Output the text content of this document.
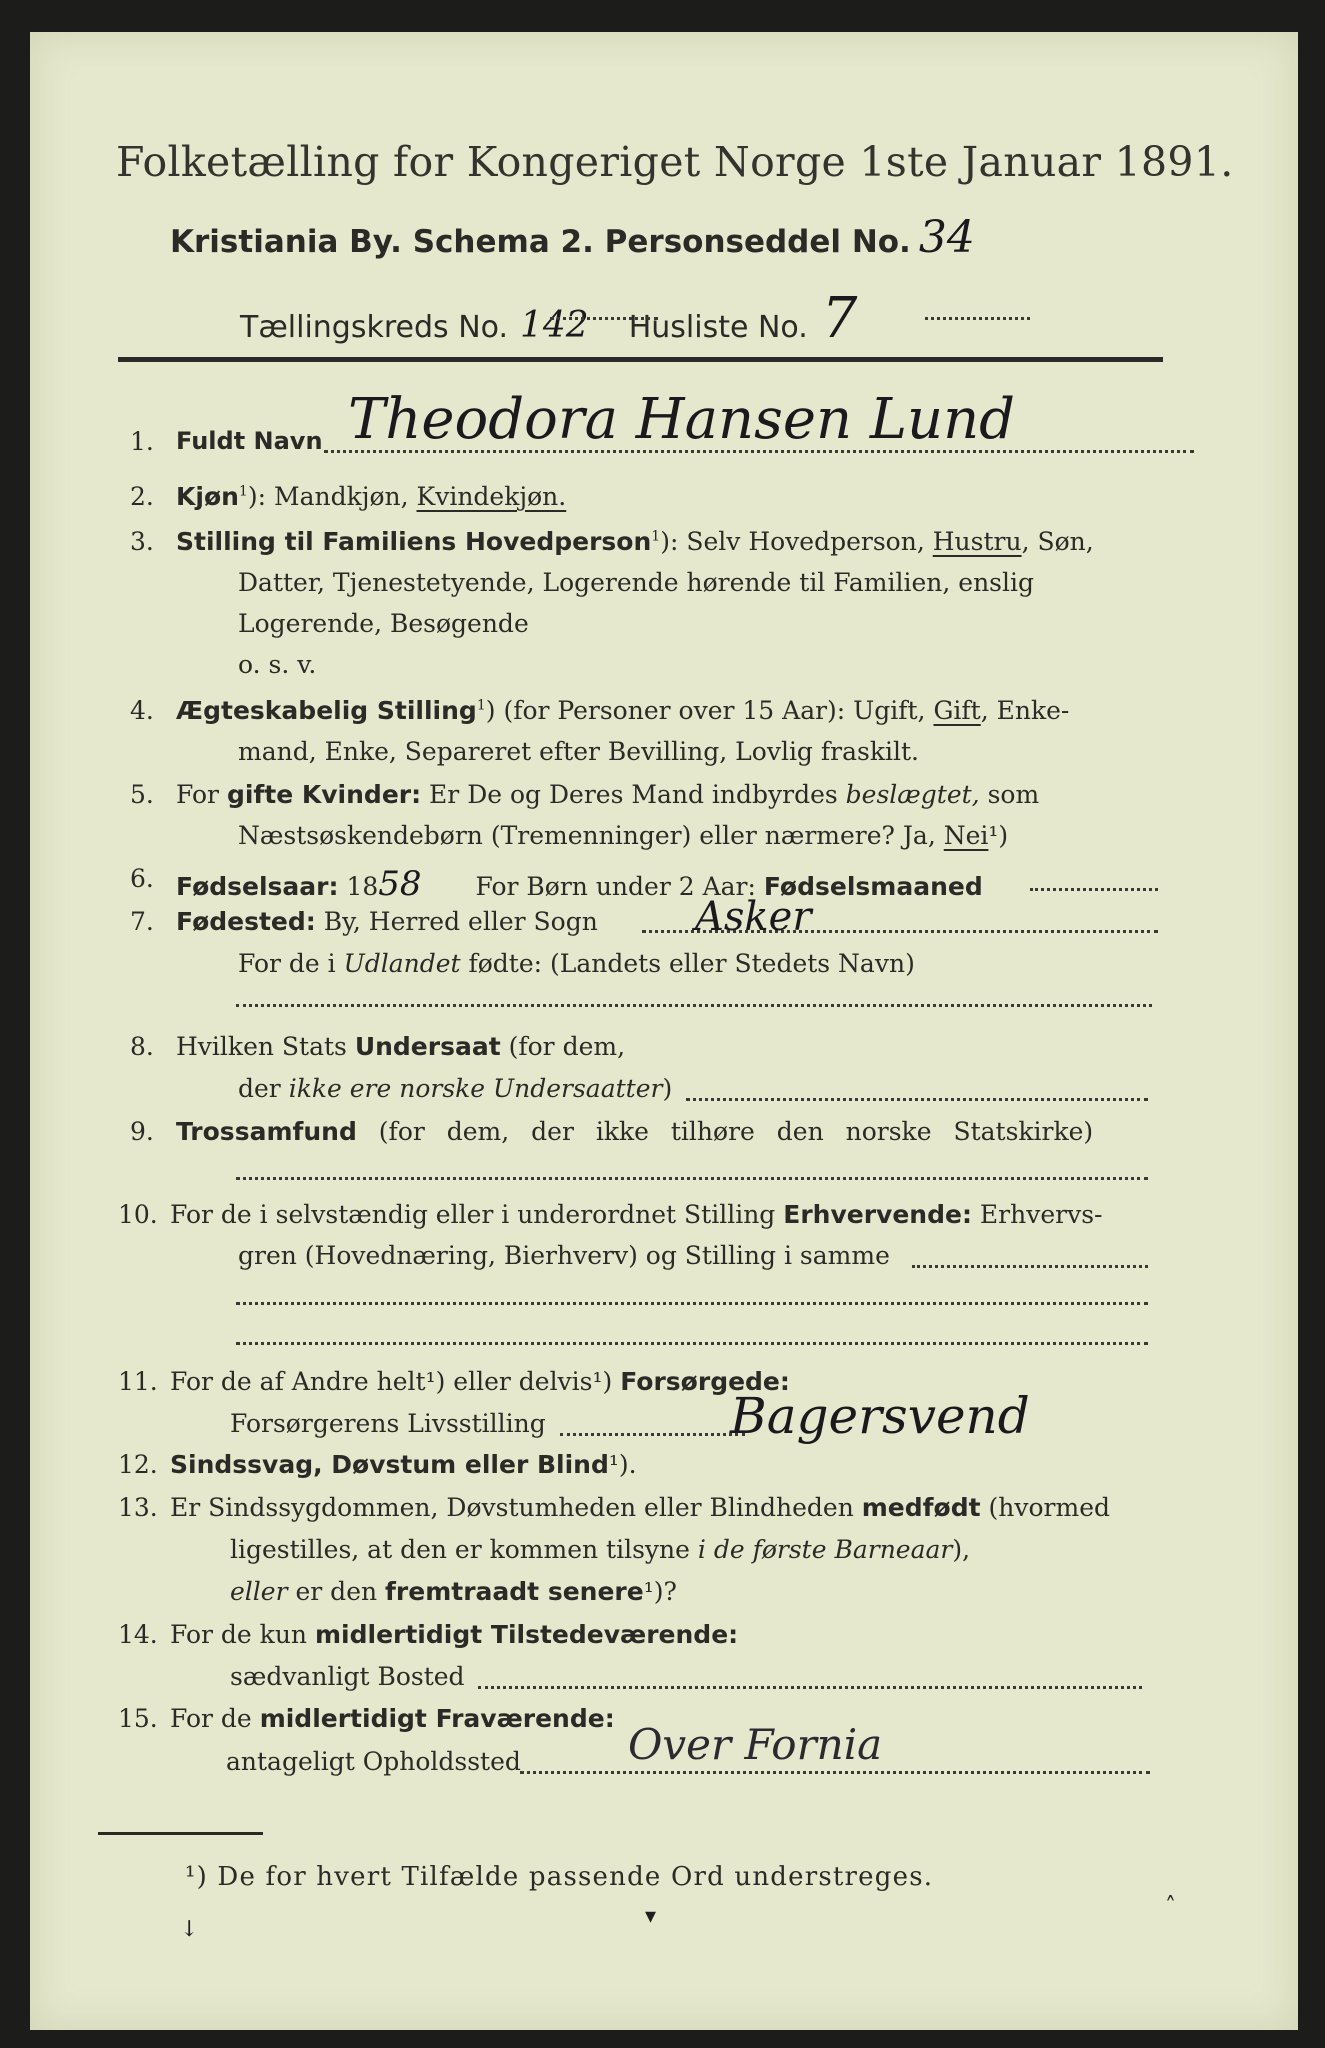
Folketælling for Kongeriget Norge 1ste Januar 1891.
Kristiania By. Schema 2. Personseddel No. 34
Tællingskreds No. 142 Husliste No. 7
1. Fuldt Navn Theodora Hansen Lund
2. Kjøn$^1$): Mandkjøn, Kvindekjøn.
3. Stilling til Familiens Hovedperson$^1$): Selv Hovedperson, Hustru, Søn,
Datter, Tjenestetyende, Logerende hørende til Familien, enslig
Logerende, Besøgende
o. s. v.
4. Ægteskabelig Stilling$^1$) (for Personer over 15 Aar): Ugift, Gift, Enke-
mand, Enke, Separeret efter Bevilling, Lovlig fraskilt.
5. For gifte Kvinder: Er De og Deres Mand indbyrdes beslægtet, som
Næstsøskendebørn (Tremenninger) eller nærmere? Ja, Nei¹)
6. Fødselsaar: 1858 For Børn under 2 Aar: Fødselsmaaned
7. Fødested: By, Herred eller Sogn Asker
For de i Udlandet fødte: (Landets eller Stedets Navn)
8. Hvilken Stats Undersaat (for dem,
der ikke ere norske Undersaatter)
9. Trossamfund (for dem, der ikke tilhøre den norske Statskirke)
10. For de i selvstændig eller i underordnet Stilling Erhvervende: Erhvervs-
gren (Hovednæring, Bierhverv) og Stilling i samme
11. For de af Andre helt¹) eller delvis¹) Forsørgede:
Forsørgerens Livsstilling	Bagersvend
12. Sindssvag, Døvstum eller Blind¹).
13. Er Sindssygdommen, Døvstumheden eller Blindheden medfødt (hvormed
ligestilles, at den er kommen tilsyne i de første Barneaar),
eller er den fremtraadt senere¹)?
14. For de kun midlertidigt Tilstedeværende:
sædvanligt Bosted
15. For de midlertidigt Fraværende:
antageligt Opholdssted	Over Fornia
¹) De for hvert Tilfælde passende Ord understreges.
↓
▾	˄
